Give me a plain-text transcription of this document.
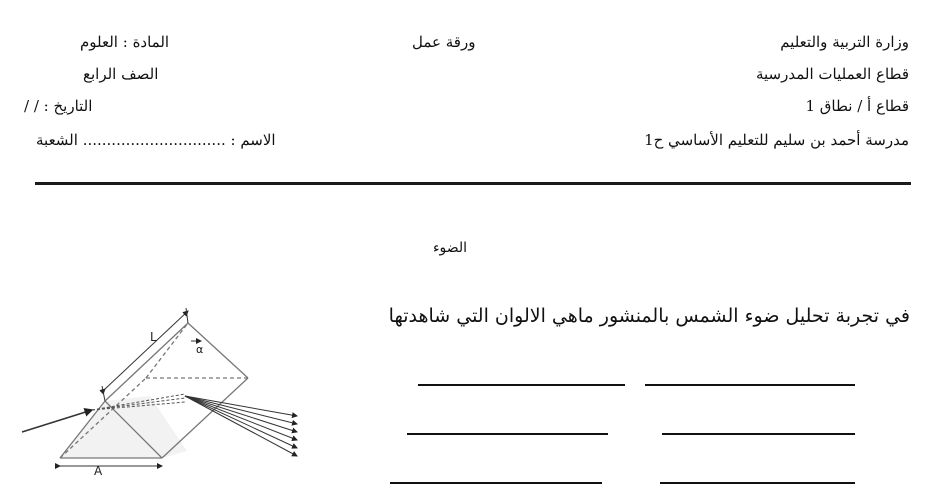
وزارة التربية والتعليم
قطاع العمليات المدرسية
قطاع أ / نطاق 1
مدرسة أحمد بن سليم للتعليم الأساسي ح1
ورقة عمل
المادة : العلوم
الصف الرابع
التاريخ : / /
الاسم : .............................. الشعبة
الضوء
في تجربة تحليل ضوء الشمس بالمنشور ماهي الالوان التي شاهدتها
L
α
A
